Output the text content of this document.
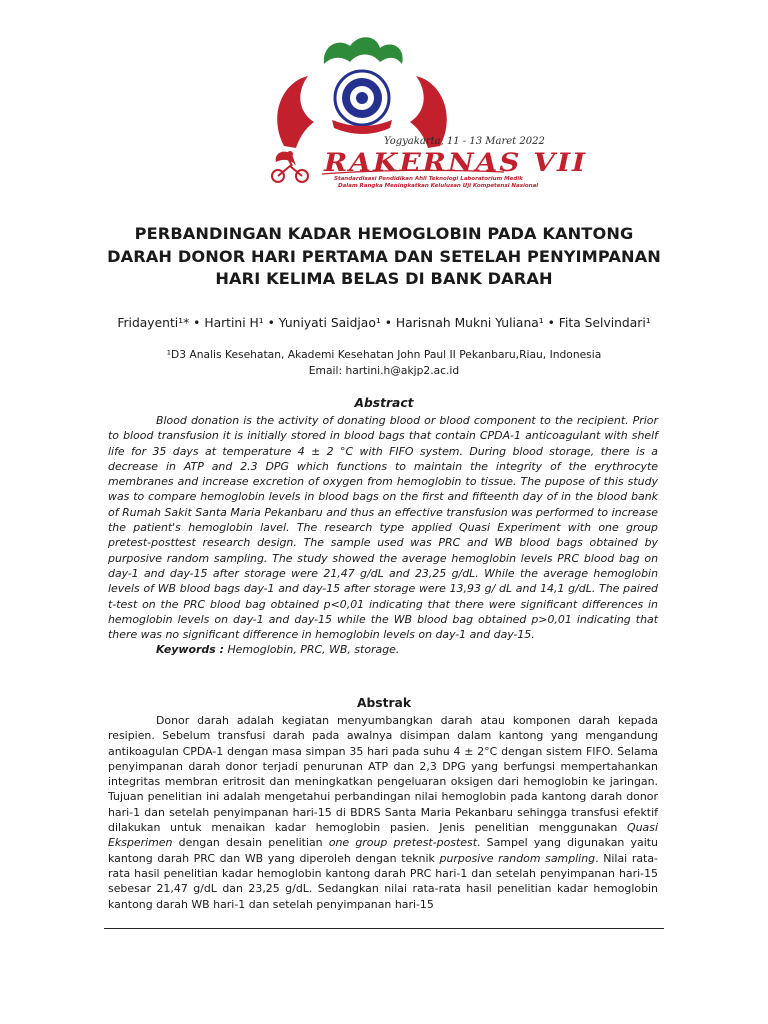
Yogyakarta, 11 - 13 Maret 2022
RAKERNAS VII
Standardisasi Pendidikan Ahli Teknologi Laboratorium Medik
Dalam Rangka Meningkatkan Kelulusan Uji Kompetensi Nasional
PERBANDINGAN KADAR HEMOGLOBIN PADA KANTONG DARAH DONOR HARI PERTAMA DAN SETELAH PENYIMPANAN HARI KELIMA BELAS DI BANK DARAH
Fridayenti¹* • Hartini H¹ • Yuniyati Saidjao¹ • Harisnah Mukni Yuliana¹ • Fita Selvindari¹
¹D3 Analis Kesehatan, Akademi Kesehatan John Paul II Pekanbaru,Riau, Indonesia
Email: hartini.h@akjp2.ac.id
Abstract

Blood donation is the activity of donating blood or blood component to the recipient. Prior to blood transfusion it is initially stored in blood bags that contain CPDA-1 anticoagulant with shelf life for 35 days at temperature 4 ± 2 °C with FIFO system. During blood storage, there is a decrease in ATP and 2.3 DPG which functions to maintain the integrity of the erythrocyte membranes and increase excretion of oxygen from hemoglobin to tissue. The pupose of this study was to compare hemoglobin levels in blood bags on the first and fifteenth day of in the blood bank of Rumah Sakit Santa Maria Pekanbaru and thus an effective transfusion was performed to increase the patient's hemoglobin lavel. The research type applied Quasi Experiment with one group pretest-posttest research design. The sample used was PRC and WB blood bags obtained by purposive random sampling. The study showed the average hemoglobin levels PRC blood bag on day-1 and day-15 after storage were 21,47 g/dL and 23,25 g/dL. While the average hemoglobin levels of WB blood bags day-1 and day-15 after storage were 13,93 g/ dL and 14,1 g/dL. The paired t-test on the PRC blood bag obtained p<0,01 indicating that there were significant differences in hemoglobin levels on day-1 and day-15 while the WB blood bag obtained p>0,01 indicating that there was no significant difference in hemoglobin levels on day-1 and day-15.

Keywords : Hemoglobin, PRC, WB, storage.

Abstrak

Donor darah adalah kegiatan menyumbangkan darah atau komponen darah kepada resipien. Sebelum transfusi darah pada awalnya disimpan dalam kantong yang mengandung antikoagulan CPDA-1 dengan masa simpan 35 hari pada suhu 4 ± 2°C dengan sistem FIFO. Selama penyimpanan darah donor terjadi penurunan ATP dan 2,3 DPG yang berfungsi mempertahankan integritas membran eritrosit dan meningkatkan pengeluaran oksigen dari hemoglobin ke jaringan. Tujuan penelitian ini adalah mengetahui perbandingan nilai hemoglobin pada kantong darah donor hari-1 dan setelah penyimpanan hari-15 di BDRS Santa Maria Pekanbaru sehingga transfusi efektif dilakukan untuk menaikan kadar hemoglobin pasien. Jenis penelitian menggunakan Quasi Eksperimen dengan desain penelitian one group pretest-postest. Sampel yang digunakan yaitu kantong darah PRC dan WB yang diperoleh dengan teknik purposive random sampling. Nilai rata-rata hasil penelitian kadar hemoglobin kantong darah PRC hari-1 dan setelah penyimpanan hari-15 sebesar 21,47 g/dL dan 23,25 g/dL. Sedangkan nilai rata-rata hasil penelitian kadar hemoglobin kantong darah WB hari-1 dan setelah penyimpanan hari-15
